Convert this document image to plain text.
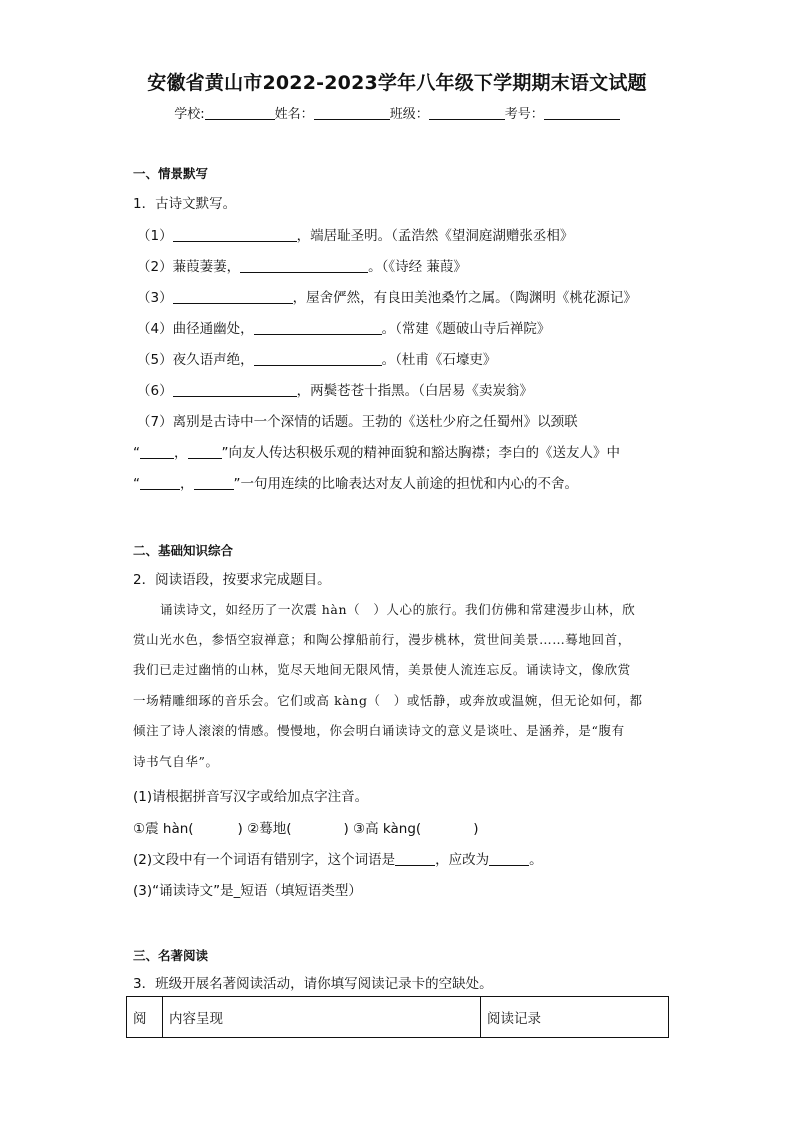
安徽省黄山市2022-2023学年八年级下学期期末语文试题
学校:	姓名：	班级：	考号：
一、情景默写
1．古诗文默写。
（1）	，端居耻圣明。（孟浩然《望洞庭湖赠张丞相》
（2）蒹葭萋萋，	。（《诗经 蒹葭》
（3）	，屋舍俨然，有良田美池桑竹之属。（陶渊明《桃花源记》
（4）曲径通幽处，	。（常建《题破山寺后禅院》
（5）夜久语声绝，	。（杜甫《石壕吏》
（6）	，两鬓苍苍十指黑。（白居易《卖炭翁》
（7）离别是古诗中一个深情的话题。王勃的《送杜少府之任蜀州》以颈联
“	，	”向友人传达积极乐观的精神面貌和豁达胸襟；李白的《送友人》中
“	，	”一句用连续的比喻表达对友人前途的担忧和内心的不舍。
二、基础知识综合
2．阅读语段，按要求完成题目。
诵读诗文，如经历了一次震 hàn（　）人心的旅行。我们仿佛和常建漫步山林，欣
赏山光水色，参悟空寂禅意；和陶公撑船前行，漫步桃林，赏世间美景……蓦地回首，
我们已走过幽悄的山林，览尽天地间无限风情，美景使人流连忘反。诵读诗文，像欣赏
一场精雕细琢的音乐会。它们或高 kàng（　）或恬静，或奔放或温婉，但无论如何，都
倾注了诗人滚滚的情感。慢慢地，你会明白诵读诗文的意义是谈吐、是涵养，是“腹有
诗书气自华”。
(1)请根据拼音写汉字或给加点字注音。
①震 hàn(	) ②蓦地(	) ③高 kàng(	)
(2)文段中有一个词语有错别字，这个词语是	，应改为	。
(3)“诵读诗文”是_短语（填短语类型）
三、名著阅读
3．班级开展名著阅读活动，请你填写阅读记录卡的空缺处。
阅	内容呈现	阅读记录
